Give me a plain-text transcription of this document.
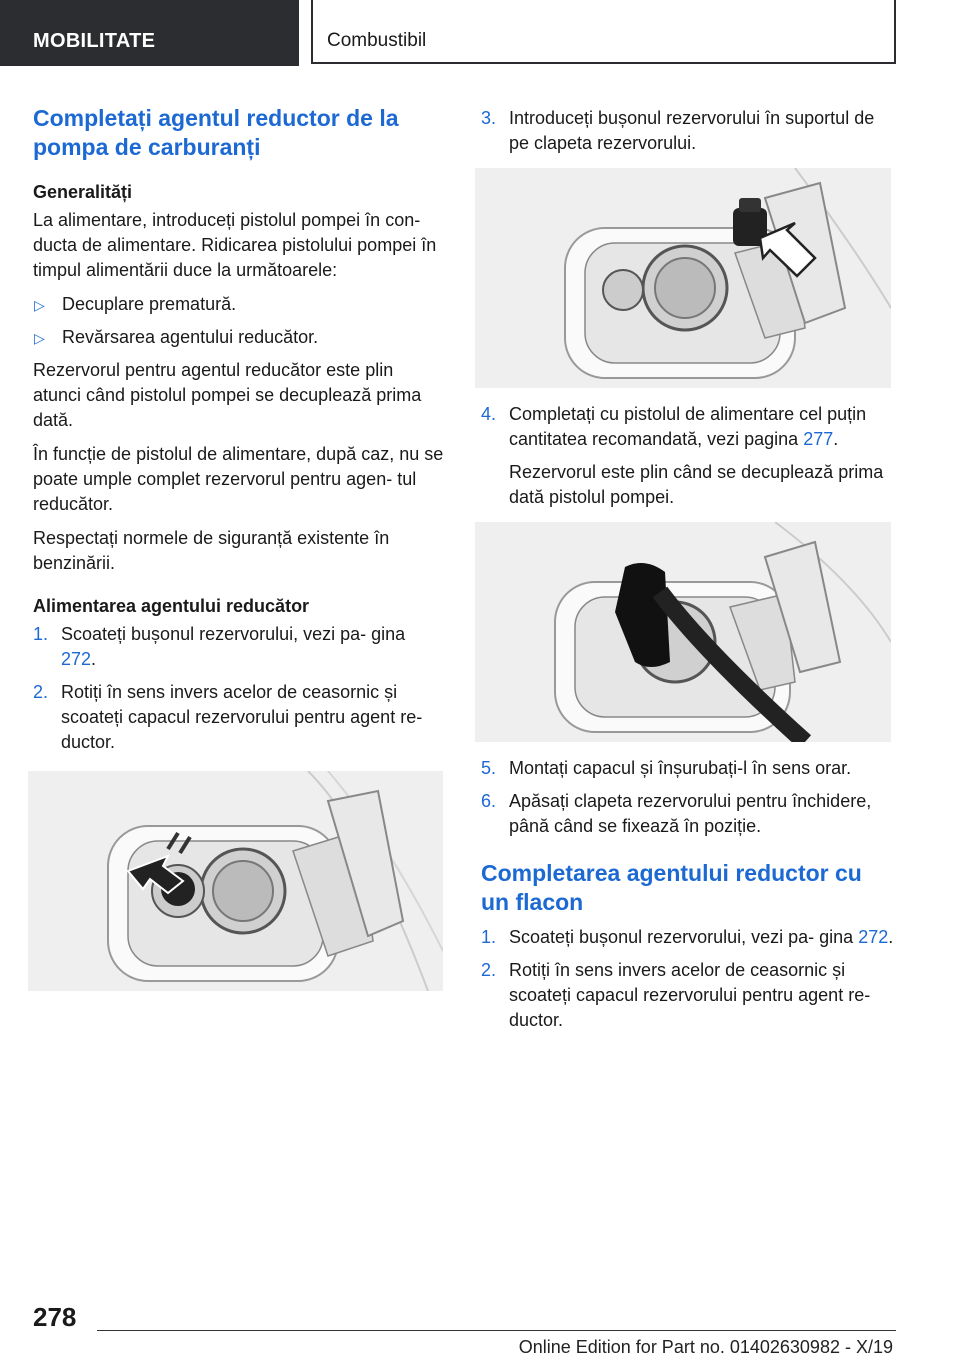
MOBILITATE	Combustibil
Completați agentul reductor de la pompa de carburanți
Generalități

La alimentare, introduceți pistolul pompei în con- ducta de alimentare. Ridicarea pistolului pompei în timpul alimentării duce la următoarele:

▷ Decuplare prematură.
▷ Revărsarea agentului reducător.

Rezervorul pentru agentul reducător este plin atunci când pistolul pompei se decuplează prima dată.

În funcție de pistolul de alimentare, după caz, nu se poate umple complet rezervorul pentru agen- tul reducător.

Respectați normele de siguranță existente în benzinării.

Alimentarea agentului reducător
1. Scoateți bușonul rezervorului, vezi pa- gina 272.
2. Rotiți în sens invers acelor de ceasornic și scoateți capacul rezervorului pentru agent re- ductor.
3. Introduceți bușonul rezervorului în suportul de pe clapeta rezervorului.
4. Completați cu pistolul de alimentare cel puțin cantitatea recomandată, vezi pagina 277.
Rezervorul este plin când se decuplează prima dată pistolul pompei.
5. Montați capacul și înșurubați-l în sens orar.
6. Apăsați clapeta rezervorului pentru închidere, până când se fixează în poziție.
Completarea agentului reductor cu un flacon
1. Scoateți bușonul rezervorului, vezi pa- gina 272.
2. Rotiți în sens invers acelor de ceasornic și scoateți capacul rezervorului pentru agent re- ductor.
278
Online Edition for Part no. 01402630982 - X/19
